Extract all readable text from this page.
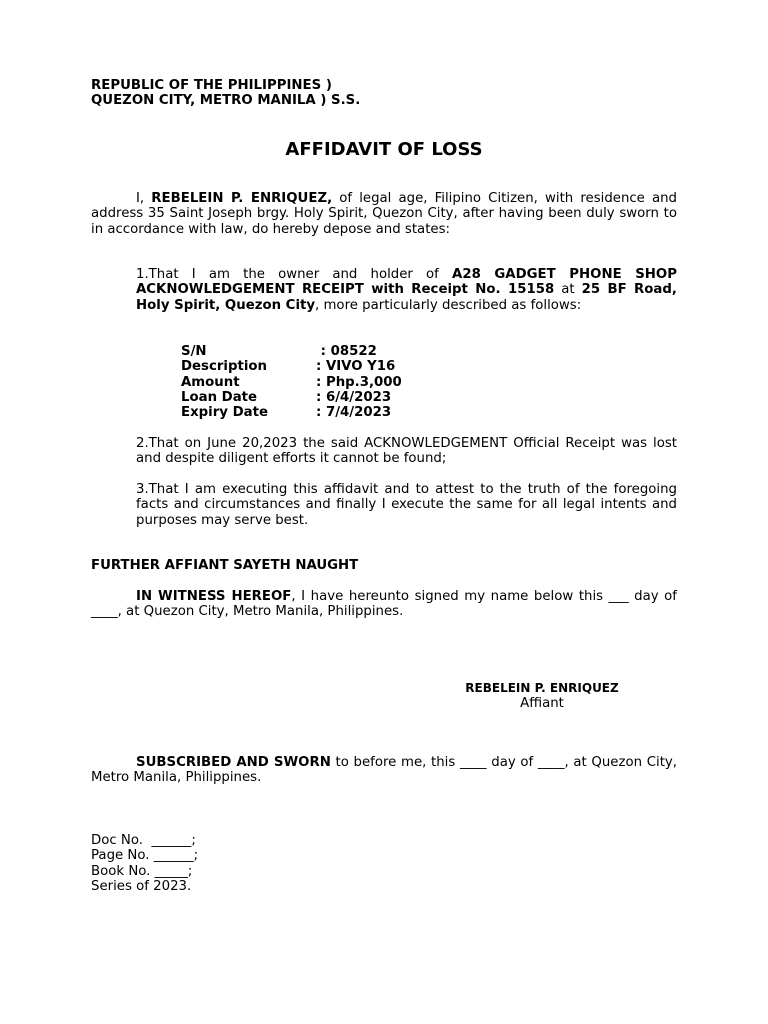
REPUBLIC OF THE PHILIPPINES )
QUEZON CITY, METRO MANILA ) S.S.
AFFIDAVIT OF LOSS
I, REBELEIN P. ENRIQUEZ, of legal age, Filipino Citizen, with residence and address 35 Saint Joseph brgy. Holy Spirit, Quezon City, after having been duly sworn to in accordance with law, do hereby depose and states:
1.That I am the owner and holder of A28 GADGET PHONE SHOP ACKNOWLEDGEMENT RECEIPT with Receipt No. 15158 at 25 BF Road, Holy Spirit, Quezon City, more particularly described as follows:
S/N	: 08522
Description	: VIVO Y16
Amount	: Php.3,000
Loan Date	: 6/4/2023
Expiry Date	: 7/4/2023
2.That on June 20,2023 the said ACKNOWLEDGEMENT Official Receipt was lost and despite diligent efforts it cannot be found;
3.That I am executing this affidavit and to attest to the truth of the foregoing facts and circumstances and finally I execute the same for all legal intents and purposes may serve best.
FURTHER AFFIANT SAYETH NAUGHT
IN WITNESS HEREOF, I have hereunto signed my name below this ___ day of ____, at Quezon City, Metro Manila, Philippines.
REBELEIN P. ENRIQUEZ
Affiant
SUBSCRIBED AND SWORN to before me, this ____ day of ____, at Quezon City, Metro Manila, Philippines.
Doc No.  ______;
Page No. ______;
Book No. _____;
Series of 2023.
